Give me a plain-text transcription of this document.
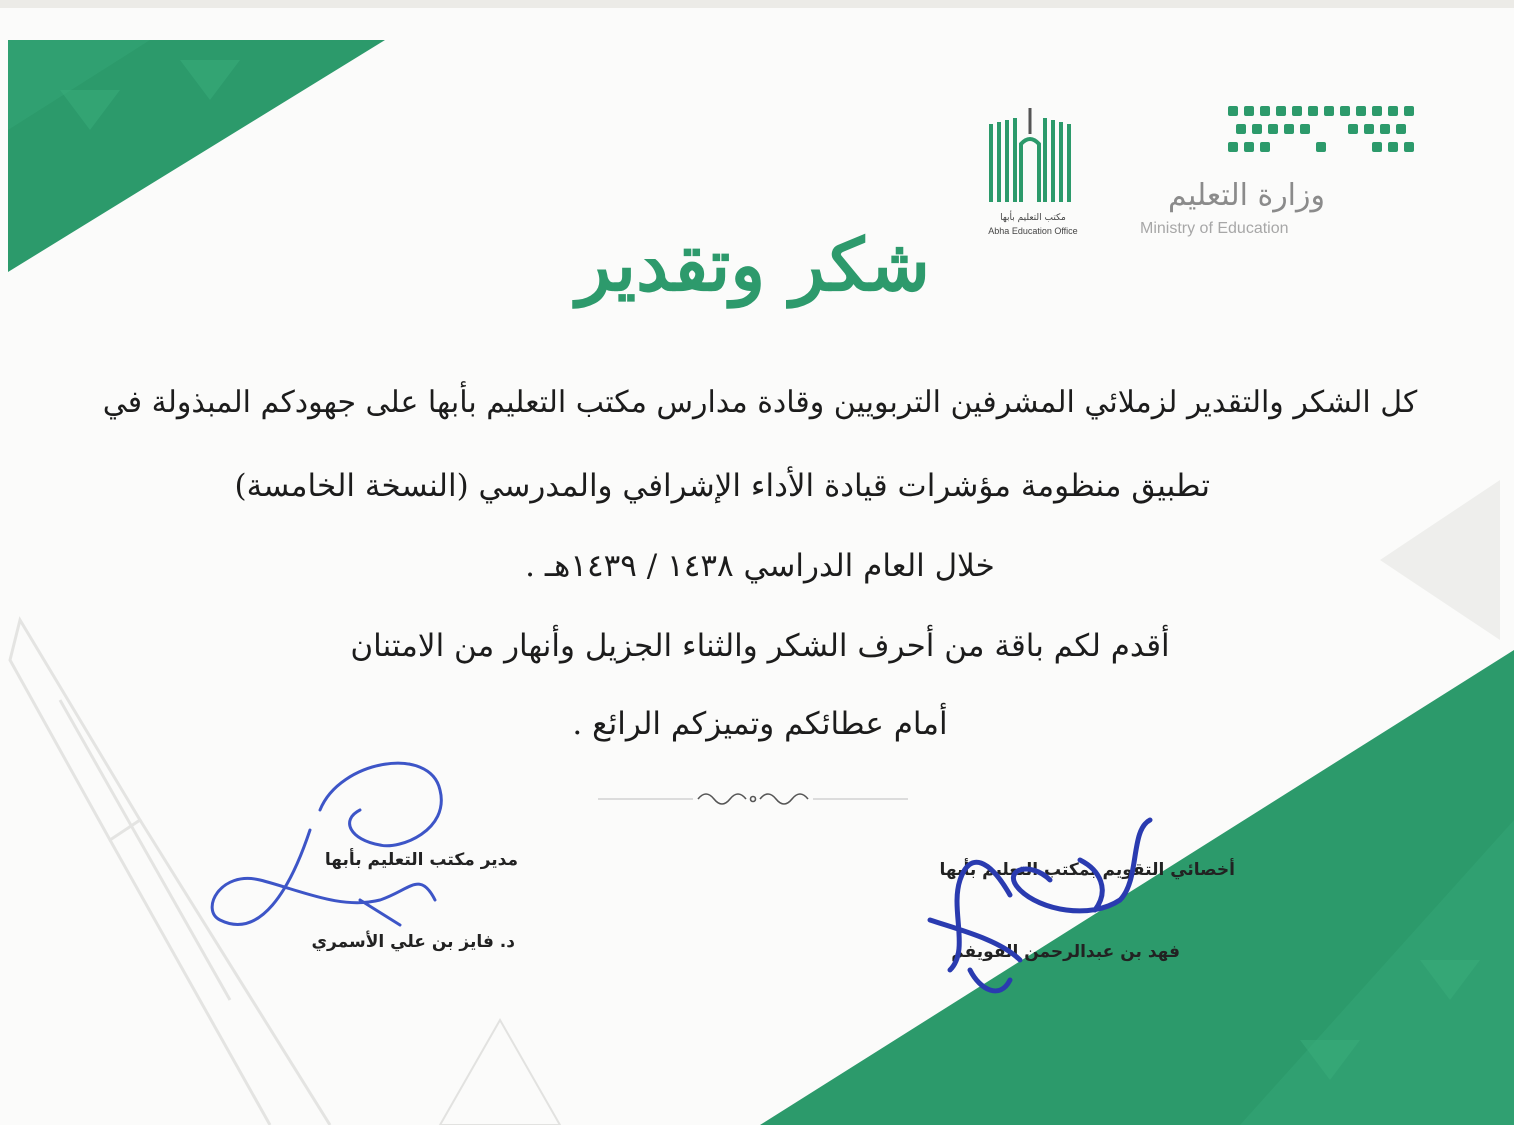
وزارة التعليم
Ministry of Education
مكتب التعليم بأبها
Abha Education Office
شكر وتقدير
كل الشكر والتقدير لزملائي المشرفين التربويين وقادة مدارس مكتب التعليم بأبها على جهودكم المبذولة في
تطبيق منظومة مؤشرات قيادة الأداء الإشرافي والمدرسي (النسخة الخامسة)
خلال العام الدراسي ١٤٣٨ / ١٤٣٩هـ .
أقدم لكم باقة من أحرف الشكر والثناء الجزيل وأنهار من الامتنان
أمام عطائكم وتميزكم الرائع .
مدير مكتب التعليم بأبها
د. فايز بن علي الأسمري
أخصائي التقويم بمكتب التعليم بأبها
فهد بن عبدالرحمن القويفم
